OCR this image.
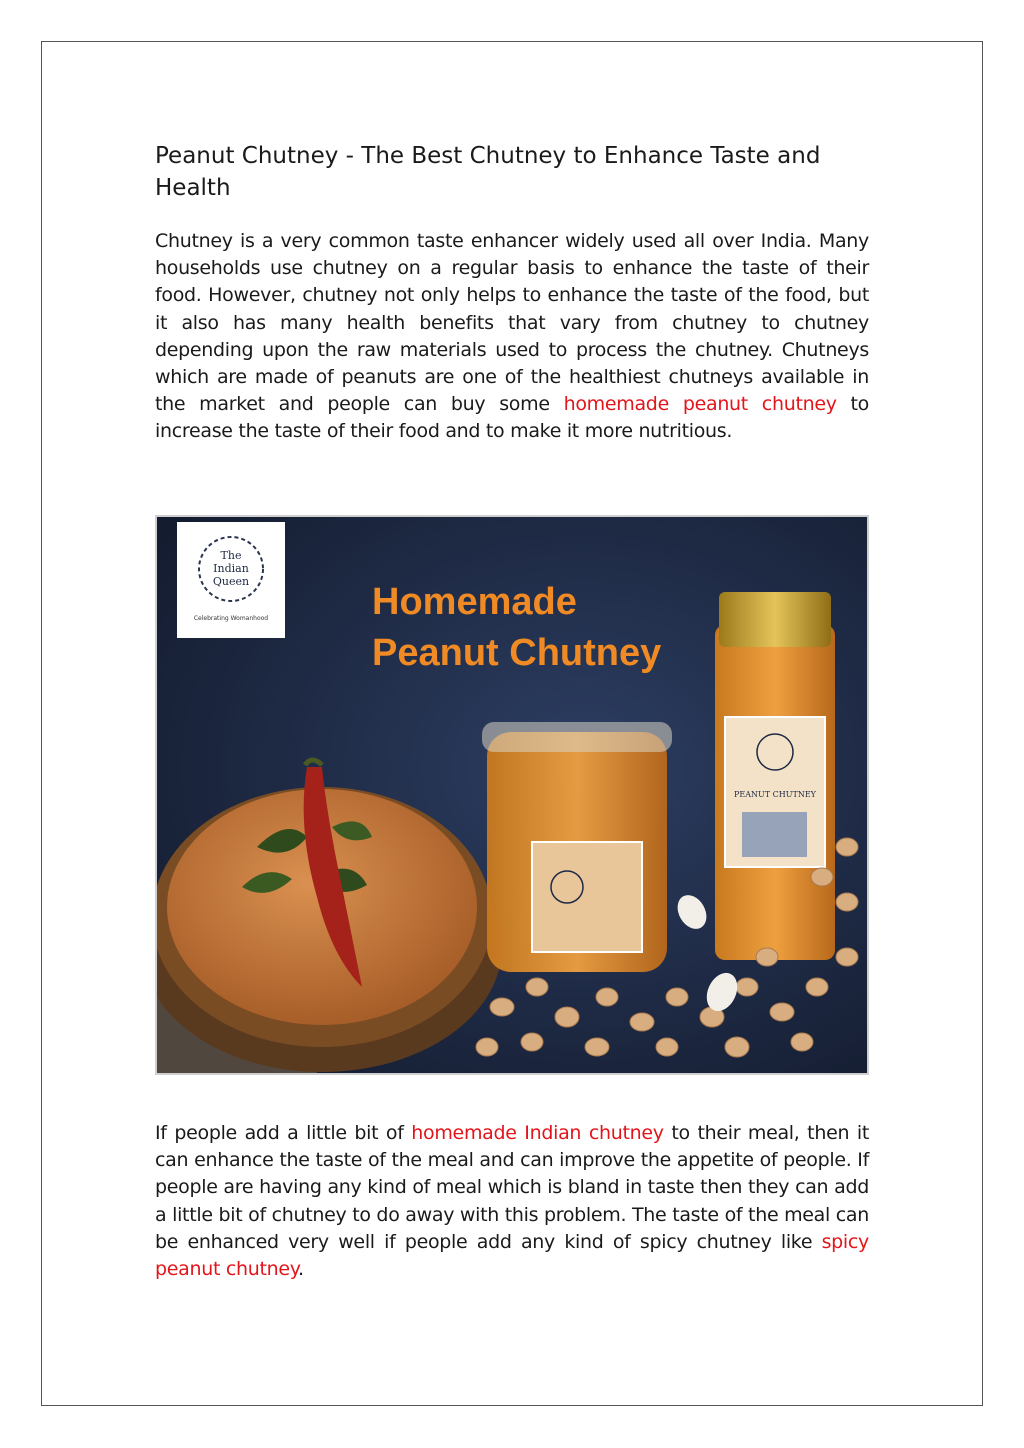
Peanut Chutney - The Best Chutney to Enhance Taste and Health

Chutney is a very common taste enhancer widely used all over India. Many households use chutney on a regular basis to enhance the taste of their food. However, chutney not only helps to enhance the taste of the food, but it also has many health benefits that vary from chutney to chutney depending upon the raw materials used to process the chutney. Chutneys which are made of peanuts are one of the healthiest chutneys available in the market and people can buy some homemade peanut chutney to increase the taste of their food and to make it more nutritious.

The
Indian
Queen
Celebrating Womanhood	Homemade
Peanut Chutney
PEANUT CHUTNEY

If people add a little bit of homemade Indian chutney to their meal, then it can enhance the taste of the meal and can improve the appetite of people. If people are having any kind of meal which is bland in taste then they can add a little bit of chutney to do away with this problem. The taste of the meal can be enhanced very well if people add any kind of spicy chutney like spicy peanut chutney.
